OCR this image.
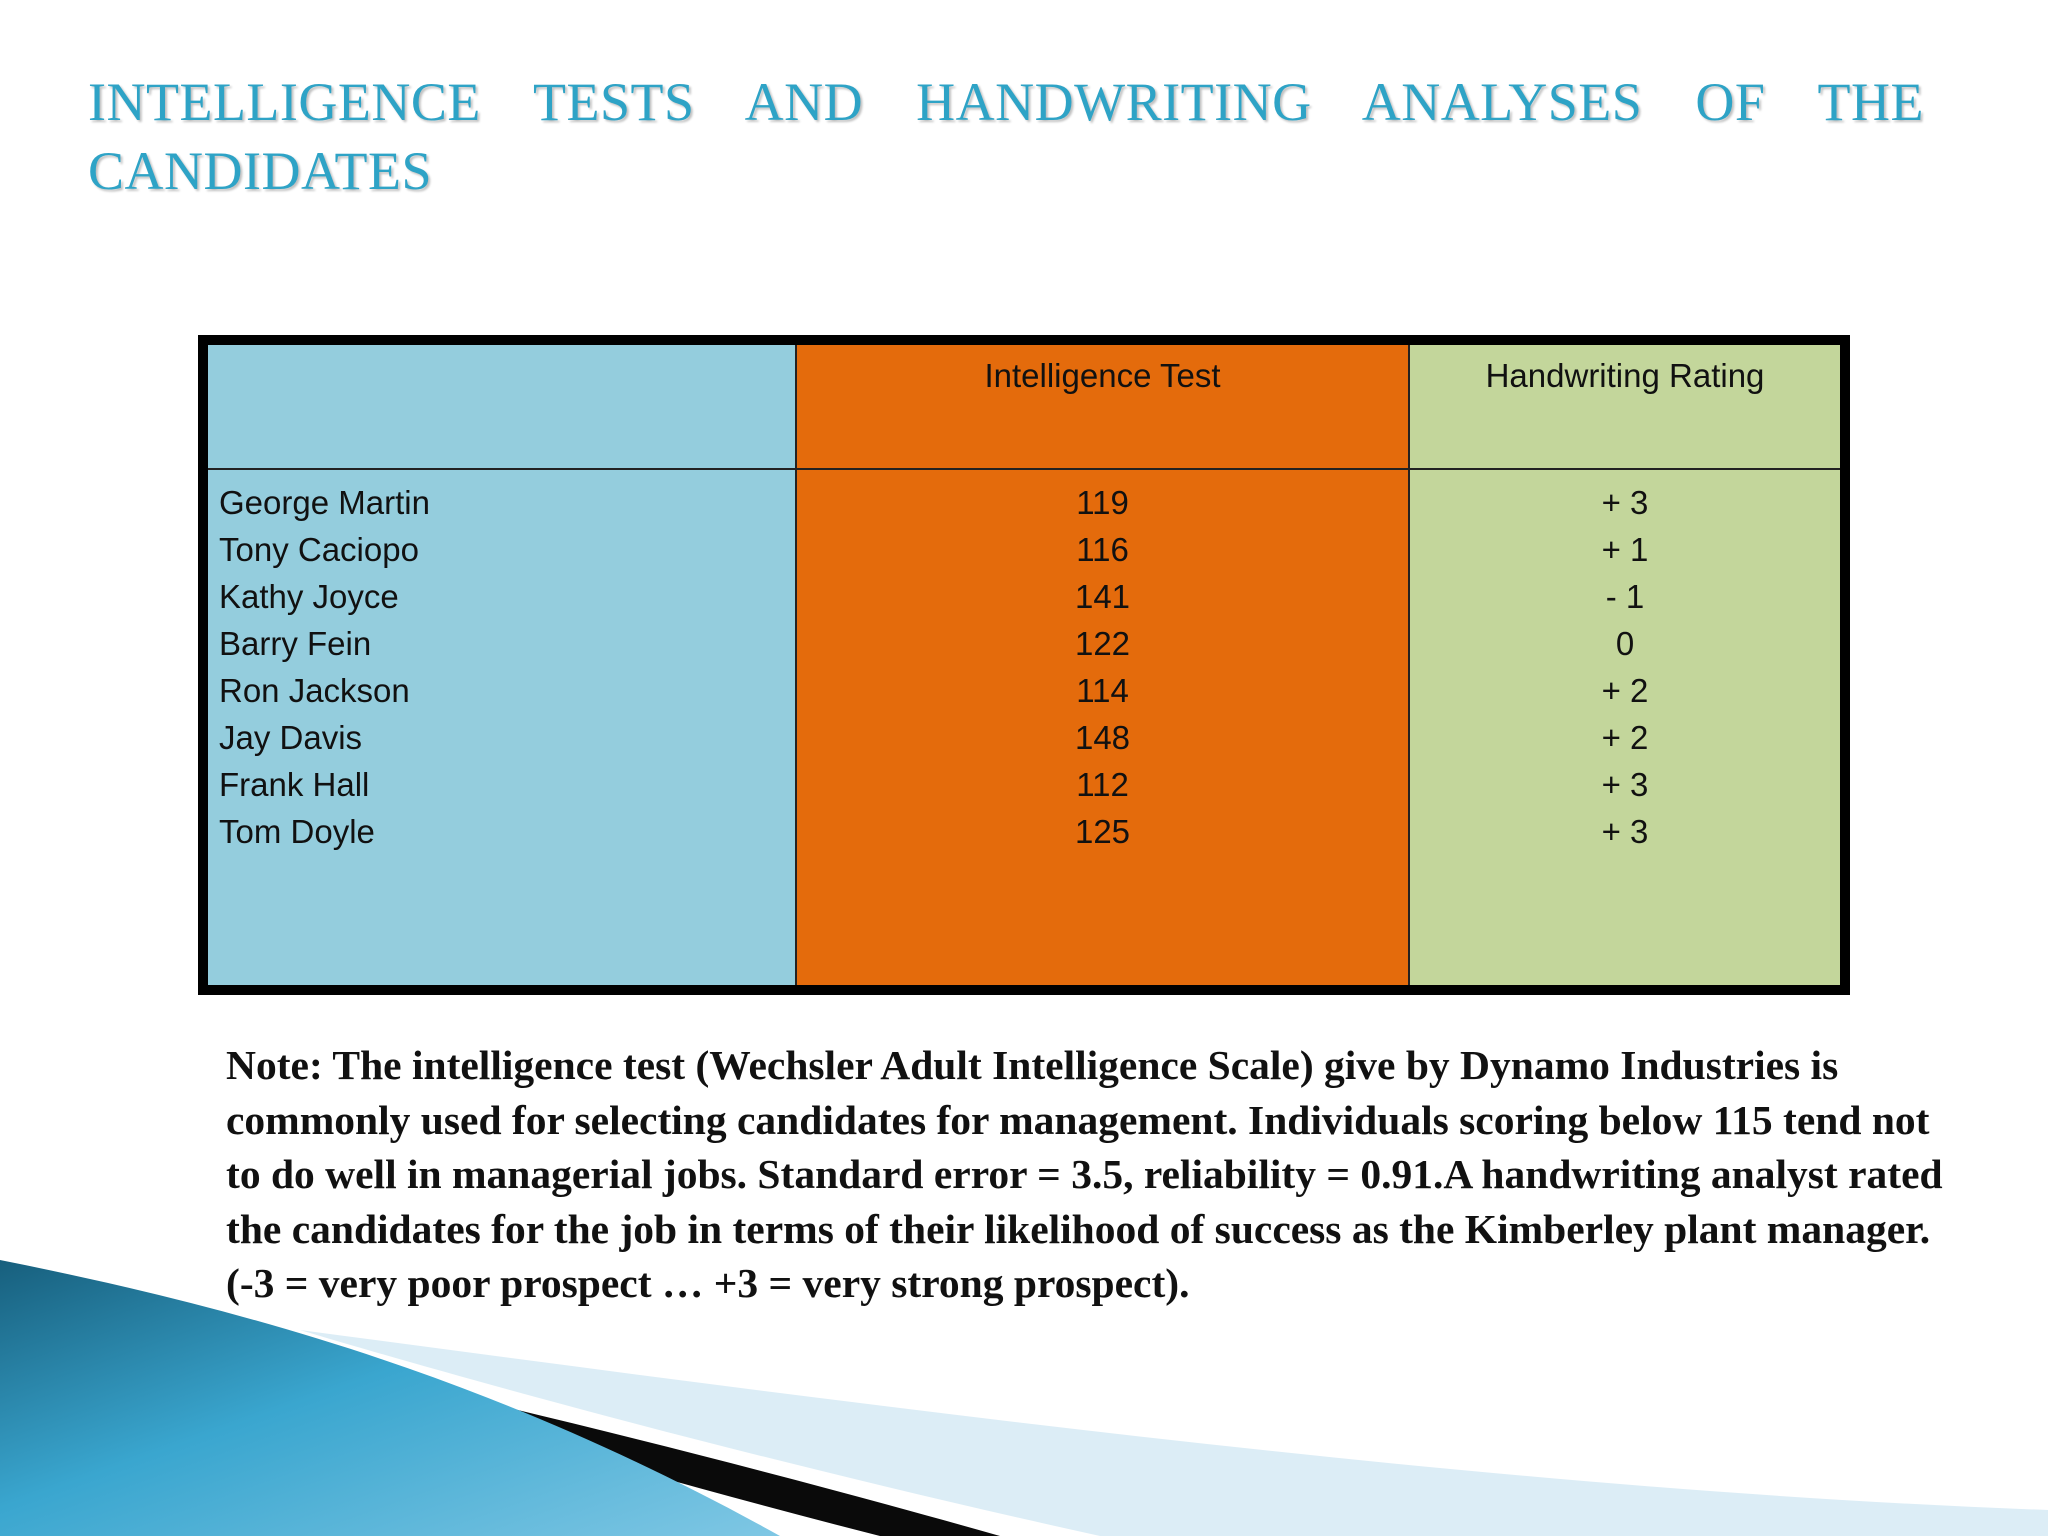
INTELLIGENCE TESTS AND HANDWRITING ANALYSES OF THE CANDIDATES
George Martin
Tony Caciopo
Kathy Joyce
Barry Fein
Ron Jackson
Jay Davis
Frank Hall
Tom Doyle
Intelligence Test
119
116
141
122
114
148
112
125
Handwriting Rating
+ 3
+ 1
- 1
0
+ 2
+ 2
+ 3
+ 3

Note: The intelligence test (Wechsler Adult Intelligence Scale) give by Dynamo Industries is commonly used for selecting candidates for management. Individuals scoring below 115 tend not to do well in managerial jobs. Standard error = 3.5, reliability = 0.91.A handwriting analyst rated the candidates for the job in terms of their likelihood of success as the Kimberley plant manager. (-3 = very poor prospect … +3 = very strong prospect).
